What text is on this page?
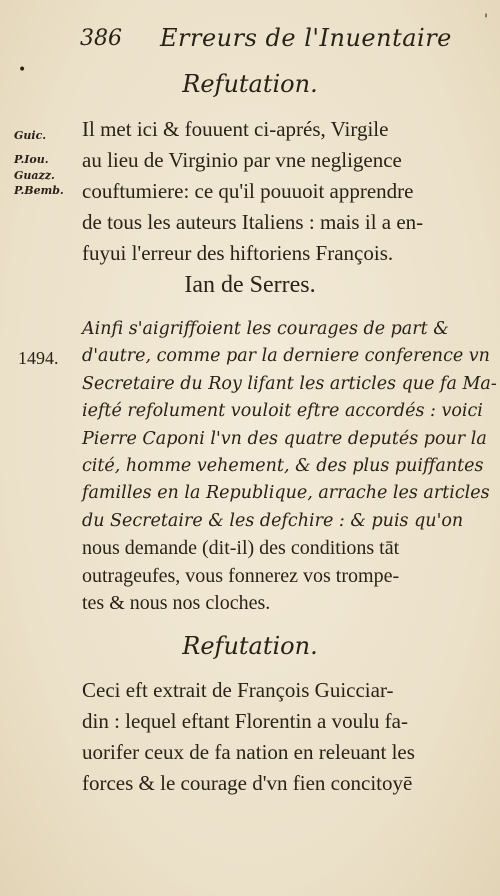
386 Erreurs de l'Inuentaire
'
•	Refutation.
Guic.
P.Iou.
Guazz.
P.Bemb.
Il met ici & fouuent ci-aprés, Virgile
au lieu de Virginio par vne negligence
couftumiere: ce qu'il pouuoit apprendre
de tous les auteurs Italiens : mais il a en-
fuyui l'erreur des hiftoriens François.
Ian de Serres.
1494.
Ainfi s'aigriffoient les courages de part &
d'autre, comme par la derniere conference vn
Secretaire du Roy lifant les articles que fa Ma-
iefté refolument vouloit eftre accordés : voici
Pierre Caponi l'vn des quatre deputés pour la
cité, homme vehement, & des plus puiffantes
familles en la Republique, arrache les articles
du Secretaire & les defchire : & puis qu'on
nous demande (dit-il) des conditions tāt
outrageufes, vous fonnerez vos trompe-
tes & nous nos cloches.
Refutation.
Ceci eft extrait de François Guicciar-
din : lequel eftant Florentin a voulu fa-
uorifer ceux de fa nation en releuant les
forces & le courage d'vn fien concitoyē
